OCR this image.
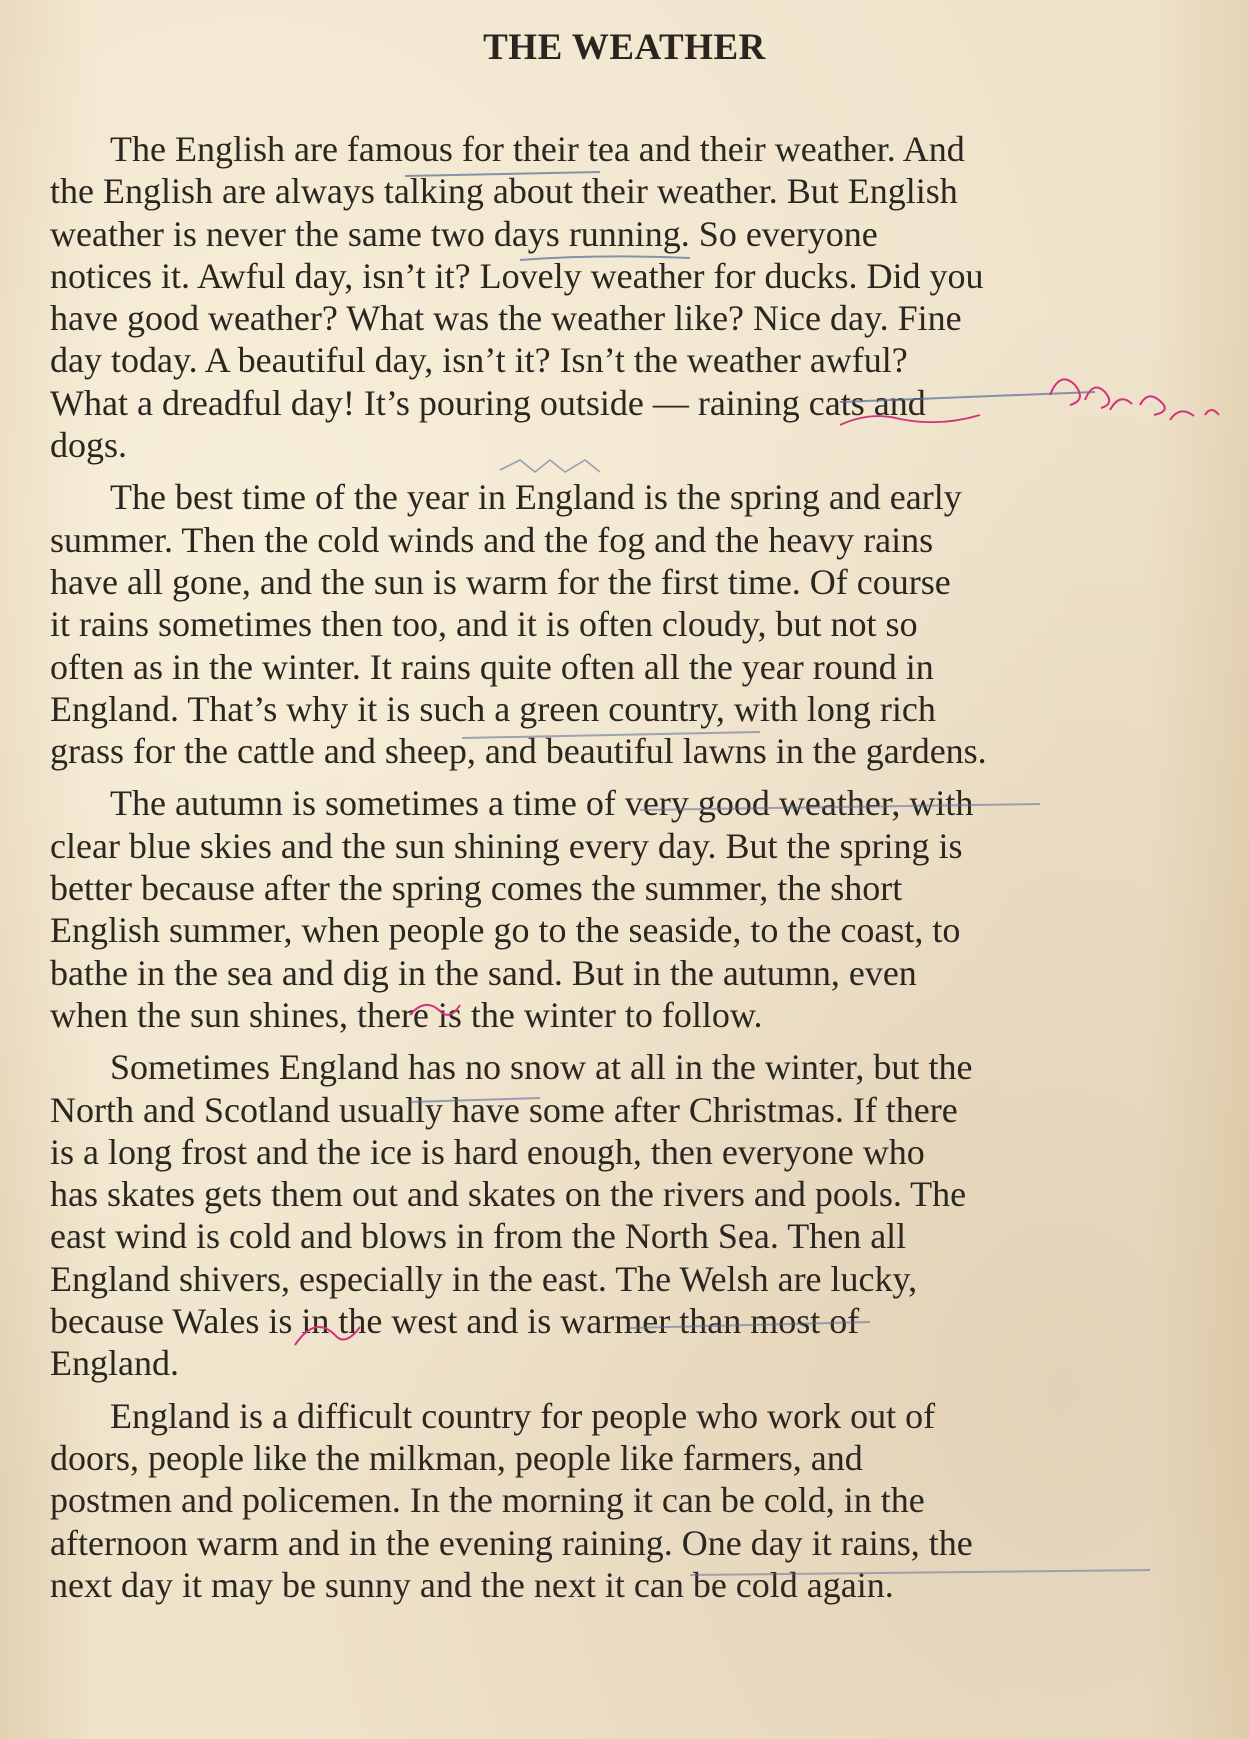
THE WEATHER
The English are famous for their tea and their weather. And
the English are always talking about their weather. But English
weather is never the same two days running. So everyone
notices it. Awful day, isn’t it? Lovely weather for ducks. Did you
have good weather? What was the weather like? Nice day. Fine
day today. A beautiful day, isn’t it? Isn’t the weather awful?
What a dreadful day! It’s pouring outside — raining cats and
dogs.
The best time of the year in England is the spring and early
summer. Then the cold winds and the fog and the heavy rains
have all gone, and the sun is warm for the first time. Of course
it rains sometimes then too, and it is often cloudy, but not so
often as in the winter. It rains quite often all the year round in
England. That’s why it is such a green country, with long rich
grass for the cattle and sheep, and beautiful lawns in the gardens.
The autumn is sometimes a time of very good weather, with
clear blue skies and the sun shining every day. But the spring is
better because after the spring comes the summer, the short
English summer, when people go to the seaside, to the coast, to
bathe in the sea and dig in the sand. But in the autumn, even
when the sun shines, there is the winter to follow.
Sometimes England has no snow at all in the winter, but the
North and Scotland usually have some after Christmas. If there
is a long frost and the ice is hard enough, then everyone who
has skates gets them out and skates on the rivers and pools. The
east wind is cold and blows in from the North Sea. Then all
England shivers, especially in the east. The Welsh are lucky,
because Wales is in the west and is warmer than most of
England.
England is a difficult country for people who work out of
doors, people like the milkman, people like farmers, and
postmen and policemen. In the morning it can be cold, in the
afternoon warm and in the evening raining. One day it rains, the
next day it may be sunny and the next it can be cold again.
